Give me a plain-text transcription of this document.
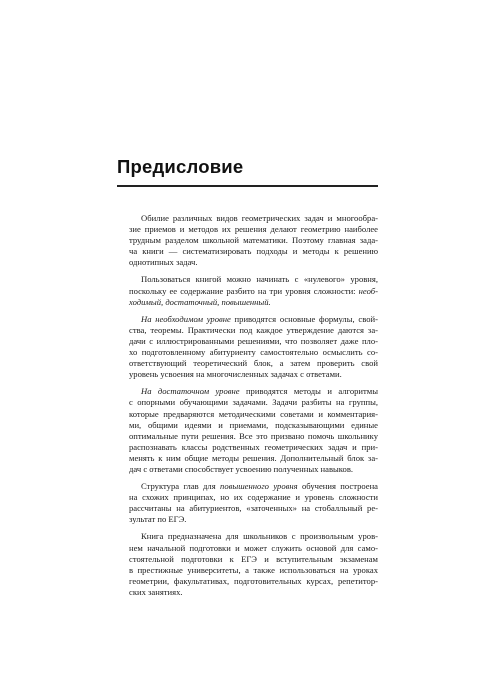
Предисловие
Обилие различных видов геометрических задач и многообра-
зие приемов и методов их решения делают геометрию наиболее
трудным разделом школьной математики. Поэтому главная зада-
ча книги — систематизировать подходы и методы к решению
однотипных задач.
Пользоваться книгой можно начинать с «нулевого» уровня,
поскольку ее содержание разбито на три уровня сложности: необ-
ходимый, достаточный, повышенный.
На необходимом уровне приводятся основные формулы, свой-
ства, теоремы. Практически под каждое утверждение даются за-
дачи с иллюстрированными решениями, что позволяет даже пло-
хо подготовленному абитуриенту самостоятельно осмыслить со-
ответствующий теоретический блок, а затем проверить свой
уровень усвоения на многочисленных задачах с ответами.
На достаточном уровне приводятся методы и алгоритмы
с опорными обучающими задачами. Задачи разбиты на группы,
которые предваряются методическими советами и комментария-
ми, общими идеями и приемами, подсказывающими единые
оптимальные пути решения. Все это призвано помочь школьнику
распознавать классы родственных геометрических задач и при-
менять к ним общие методы решения. Дополнительный блок за-
дач с ответами способствует усвоению полученных навыков.
Структура глав для повышенного уровня обучения построена
на схожих принципах, но их содержание и уровень сложности
рассчитаны на абитуриентов, «заточенных» на стобалльный ре-
зультат по ЕГЭ.
Книга предназначена для школьников с произвольным уров-
нем начальной подготовки и может служить основой для само-
стоятельной подготовки к ЕГЭ и вступительным экзаменам
в престижные университеты, а также использоваться на уроках
геометрии, факультативах, подготовительных курсах, репетитор-
ских занятиях.
